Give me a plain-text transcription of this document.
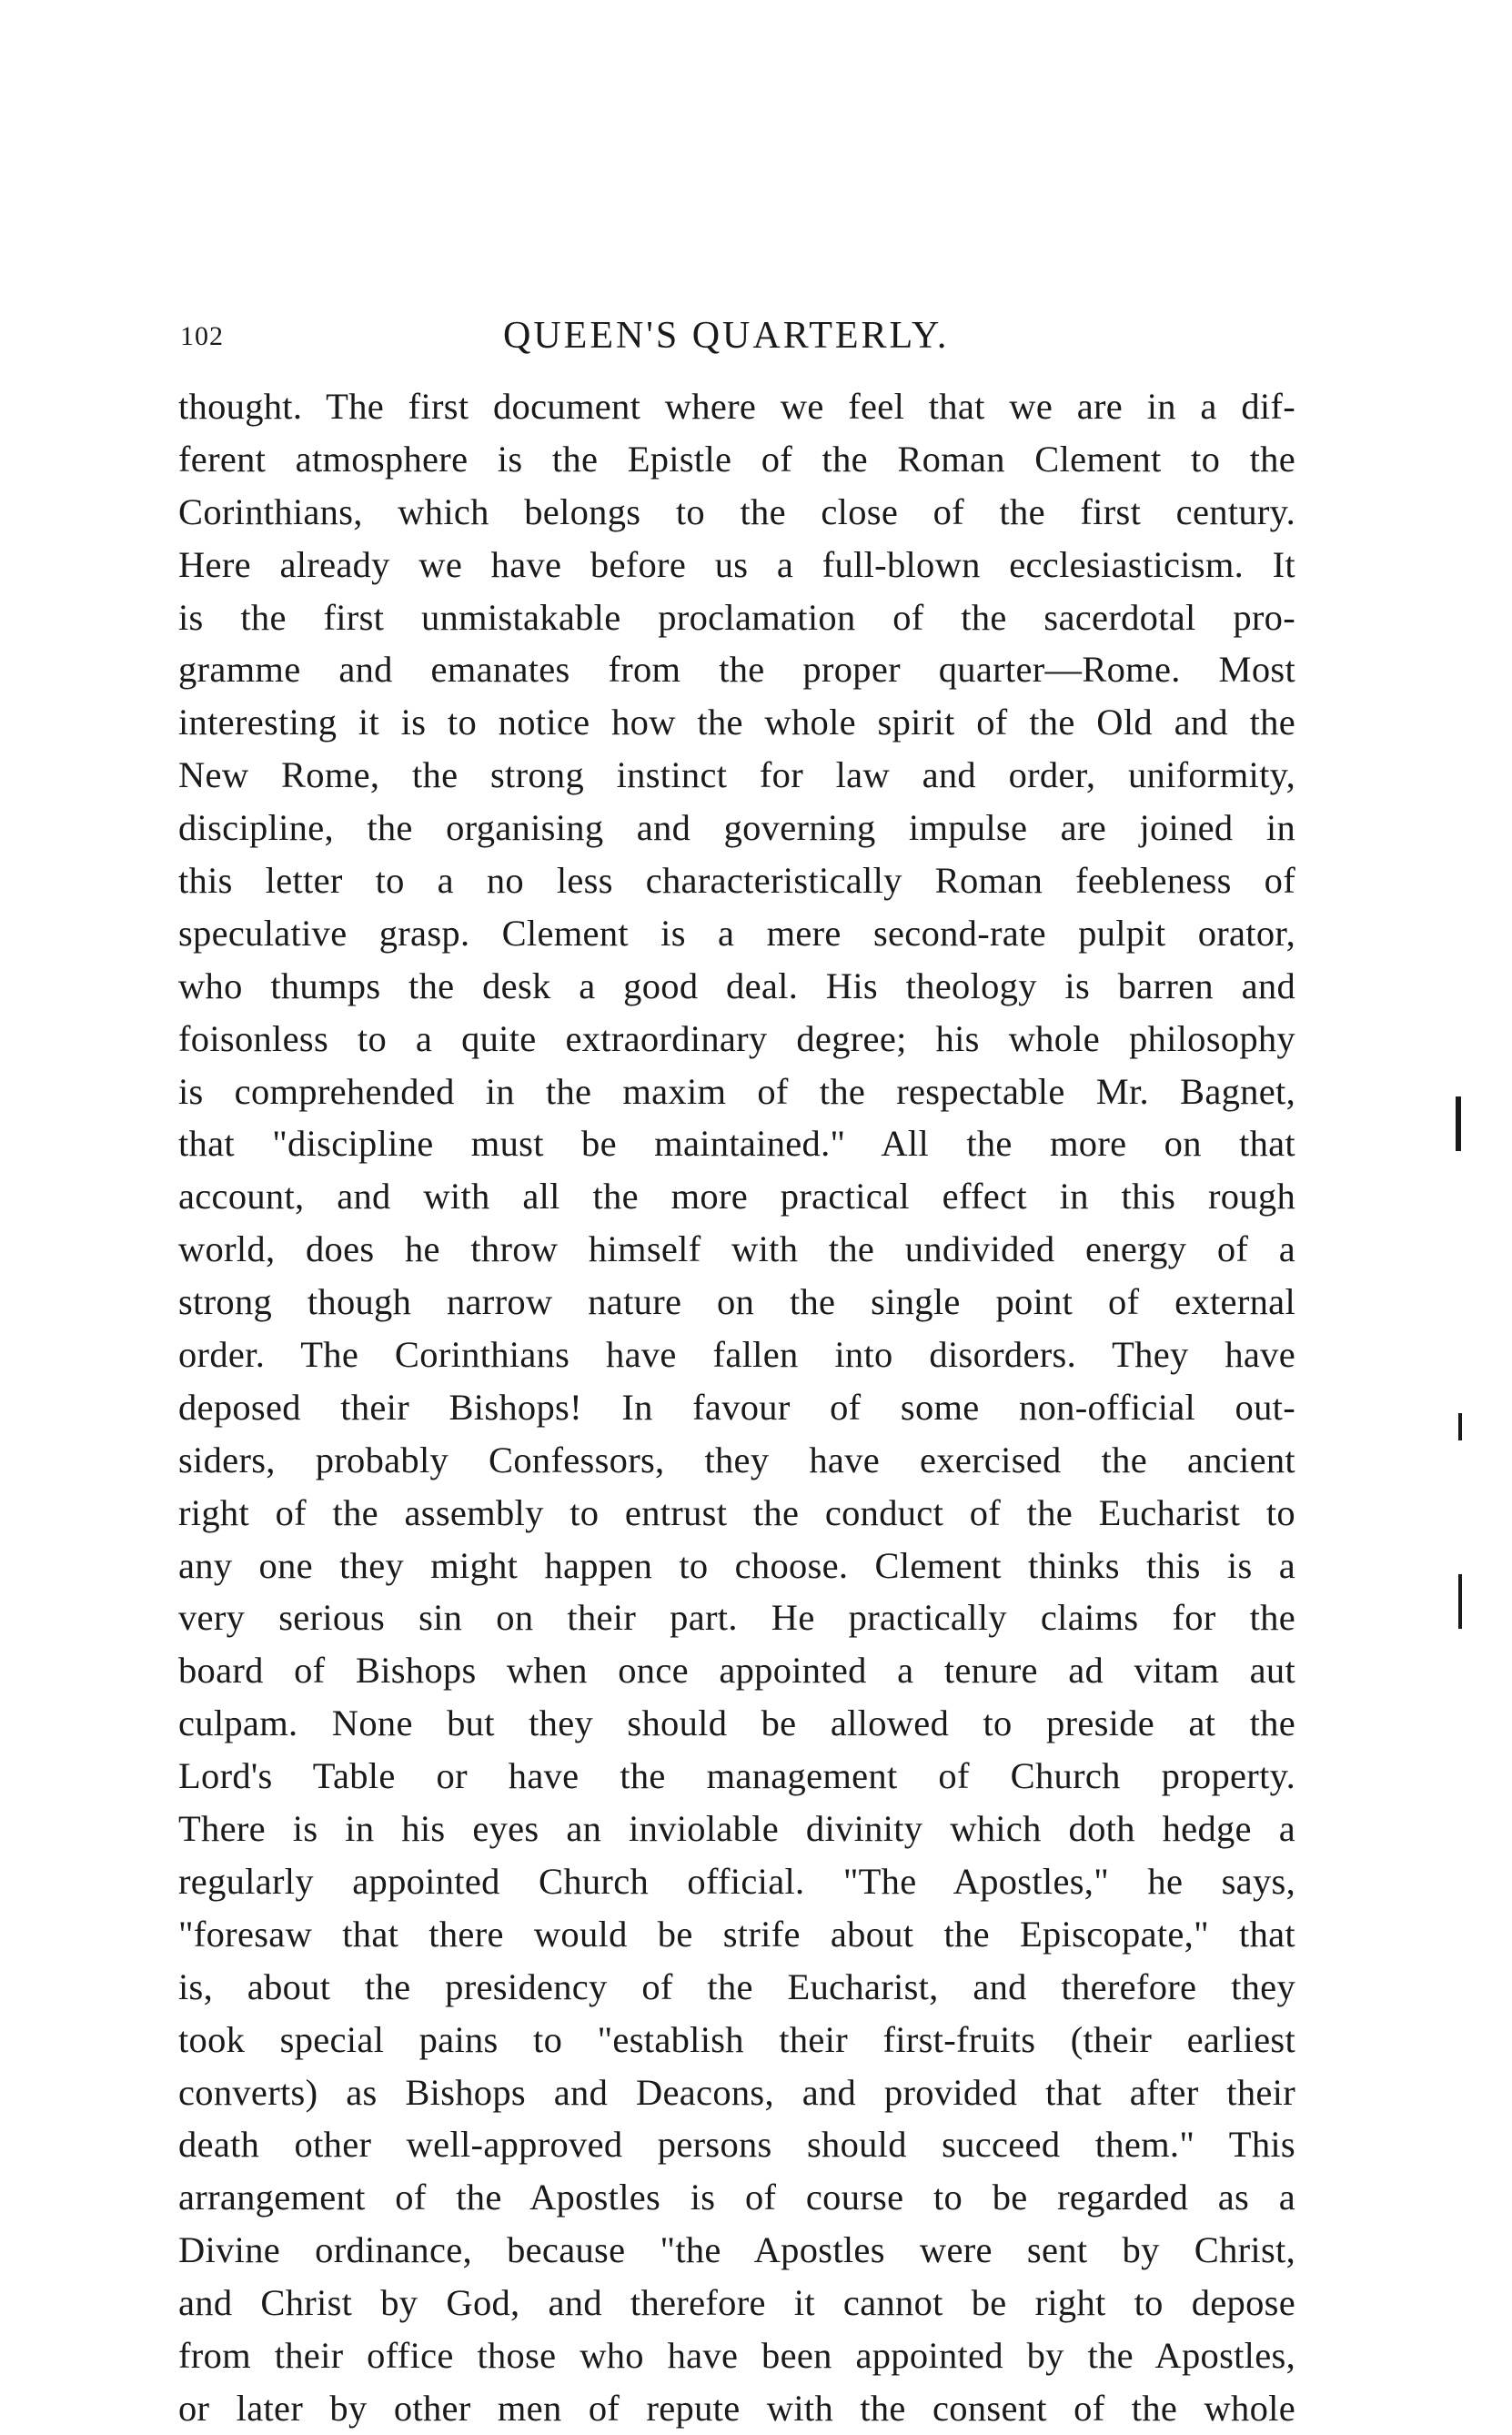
102	QUEEN'S QUARTERLY.
thought. The first document where we feel that we are in a dif-
ferent atmosphere is the Epistle of the Roman Clement to the
Corinthians, which belongs to the close of the first century.
Here already we have before us a full-blown ecclesiasticism. It
is the first unmistakable proclamation of the sacerdotal pro-
gramme and emanates from the proper quarter—Rome. Most
interesting it is to notice how the whole spirit of the Old and the
New Rome, the strong instinct for law and order, uniformity,
discipline, the organising and governing impulse are joined in
this letter to a no less characteristically Roman feebleness of
speculative grasp. Clement is a mere second-rate pulpit orator,
who thumps the desk a good deal. His theology is barren and
foisonless to a quite extraordinary degree; his whole philosophy
is comprehended in the maxim of the respectable Mr. Bagnet,
that "discipline must be maintained." All the more on that
account, and with all the more practical effect in this rough
world, does he throw himself with the undivided energy of a
strong though narrow nature on the single point of external
order. The Corinthians have fallen into disorders. They have
deposed their Bishops! In favour of some non-official out-
siders, probably Confessors, they have exercised the ancient
right of the assembly to entrust the conduct of the Eucharist to
any one they might happen to choose. Clement thinks this is a
very serious sin on their part. He practically claims for the
board of Bishops when once appointed a tenure ad vitam aut
culpam. None but they should be allowed to preside at the
Lord's Table or have the management of Church property.
There is in his eyes an inviolable divinity which doth hedge a
regularly appointed Church official. "The Apostles," he says,
"foresaw that there would be strife about the Episcopate," that
is, about the presidency of the Eucharist, and therefore they
took special pains to "establish their first-fruits (their earliest
converts) as Bishops and Deacons, and provided that after their
death other well-approved persons should succeed them." This
arrangement of the Apostles is of course to be regarded as a
Divine ordinance, because "the Apostles were sent by Christ,
and Christ by God, and therefore it cannot be right to depose
from their office those who have been appointed by the Apostles,
or later by other men of repute with the consent of the whole
